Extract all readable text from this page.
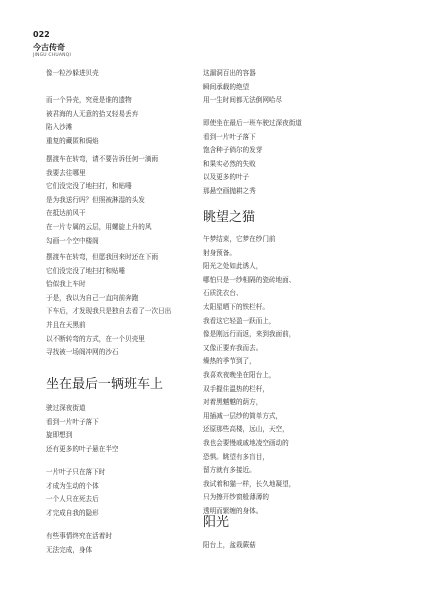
022
今古传奇
JINGU CHUANQI
像一粒沙躲进贝壳
而一个异壳，究竟是谁的遗物
被君海的人无意的拾又轻易丢弃
陷入沙滩
重复的藏匿和焗焰
摆渡车在转弯，请不要告诉任何一滴雨
我要去往哪里
它们没完没了地扫打，和贴唾
是为我送行吗？但照被淋湿的头发
在抵达前风干
在一片专属的云层，用螺旋上升的风
勾画一个空中楼阁
摆渡车在转弯，但愿我回来时还在下雨
它们没完没了地扫打和贴唾
恰似我上车时
于是，我以为自己一直向前奔跑
下车后，才发现我只是独自去看了一次日出
并且在天黑前
以不断转弯的方式，在一个贝壳里
寻找被一场阁冲网的沙石
坐在最后一辆班车上
驶过深夜街道
看到一片叶子落下
旋即想到
还有更多的叶子悬在半空
一片叶子只在落下时
才成为生动的个体
一个人只在死去后
才完成自我的隐形
有些事情终究在活着时
无法完成，身体
这漏洞百出的容器
瞬间承载的绝望
用一生时间都无法倒网哈尽
即使坐在最后一班车驶过深夜街道
看到一片叶子落下
饱含种子倘尔的发芽
和果实必然的失败
以及更多的叶子
那悬空画抛耕之秀
眺望之猫
午梦结束，它梦在纱门前
射身预备。
阳光之处如此诱人，
哪怕只是一纱相隔的瓷砖地面、
石质洗衣台、
太阳星晒下的铁栏杆。
我看这它轻盈一跃而上，
像是刚远行而返，来到我面前，
又像正要弃我而去。
燥热的季节到了，
我喜欢夜晚坐在阳台上，
双手握住温热的栏杆，
对着黑魆魆的荫方，
用插减一层纱的简单方式，
还原那些高楼，远山，天空，
我也会要慢戚戚地凌空画动的
恐惧。眺望有多盲目，
留方就有多接近。
我试着和猫一样，长久地凝望，
只为擦开纱窗般薄薄的
透明而繁缠的身体。
阳光
阳台上，盆栽蕨菇
